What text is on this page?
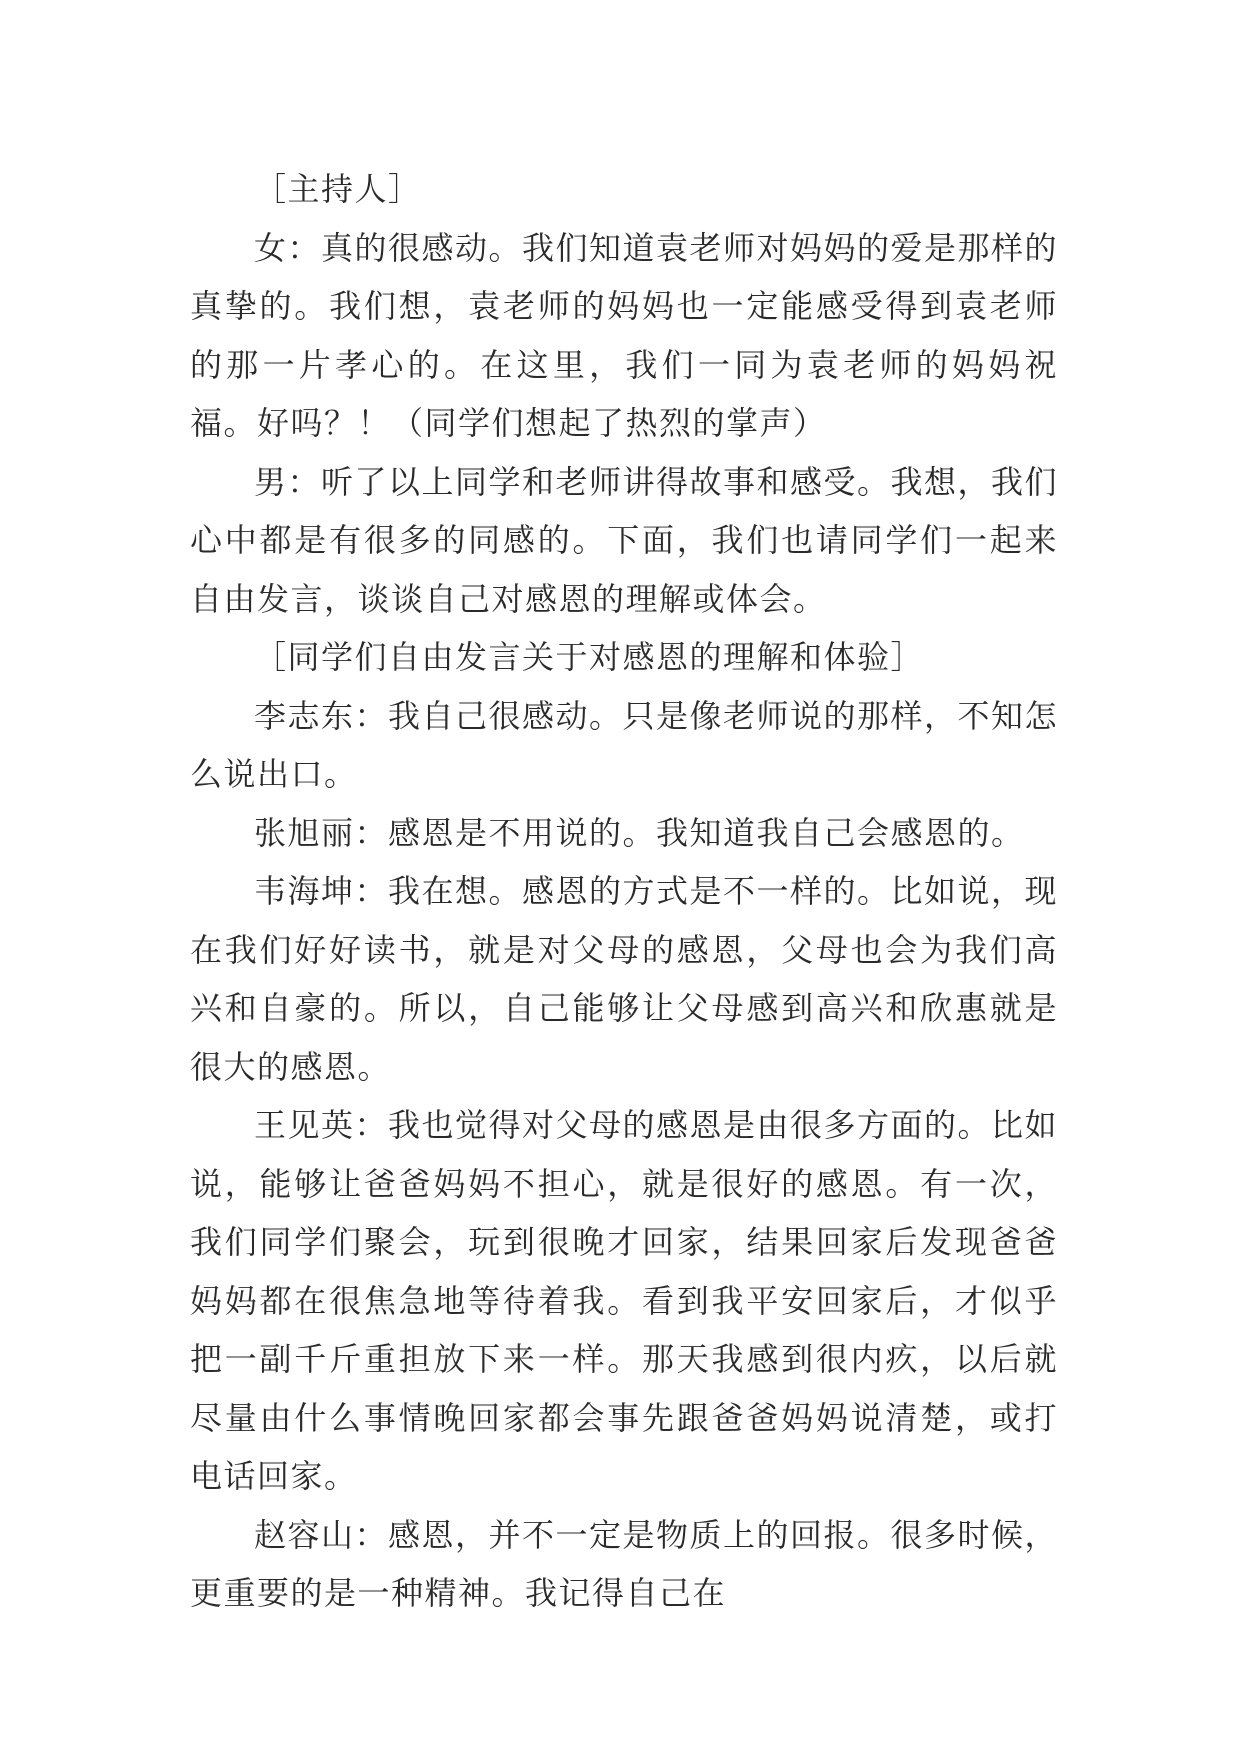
［主持人］

女：真的很感动。我们知道袁老师对妈妈的爱是那样的真挚的。我们想，袁老师的妈妈也一定能感受得到袁老师的那一片孝心的。在这里，我们一同为袁老师的妈妈祝福。好吗？！（同学们想起了热烈的掌声）

男：听了以上同学和老师讲得故事和感受。我想，我们心中都是有很多的同感的。下面，我们也请同学们一起来自由发言，谈谈自己对感恩的理解或体会。

［同学们自由发言关于对感恩的理解和体验］

李志东：我自己很感动。只是像老师说的那样，不知怎么说出口。

张旭丽：感恩是不用说的。我知道我自己会感恩的。

韦海坤：我在想。感恩的方式是不一样的。比如说，现在我们好好读书，就是对父母的感恩，父母也会为我们高兴和自豪的。所以，自己能够让父母感到高兴和欣惠就是很大的感恩。

王见英：我也觉得对父母的感恩是由很多方面的。比如说，能够让爸爸妈妈不担心，就是很好的感恩。有一次，我们同学们聚会，玩到很晚才回家，结果回家后发现爸爸妈妈都在很焦急地等待着我。看到我平安回家后，才似乎把一副千斤重担放下来一样。那天我感到很内疚，以后就尽量由什么事情晚回家都会事先跟爸爸妈妈说清楚，或打电话回家。

赵容山：感恩，并不一定是物质上的回报。很多时候，更重要的是一种精神。我记得自己在
